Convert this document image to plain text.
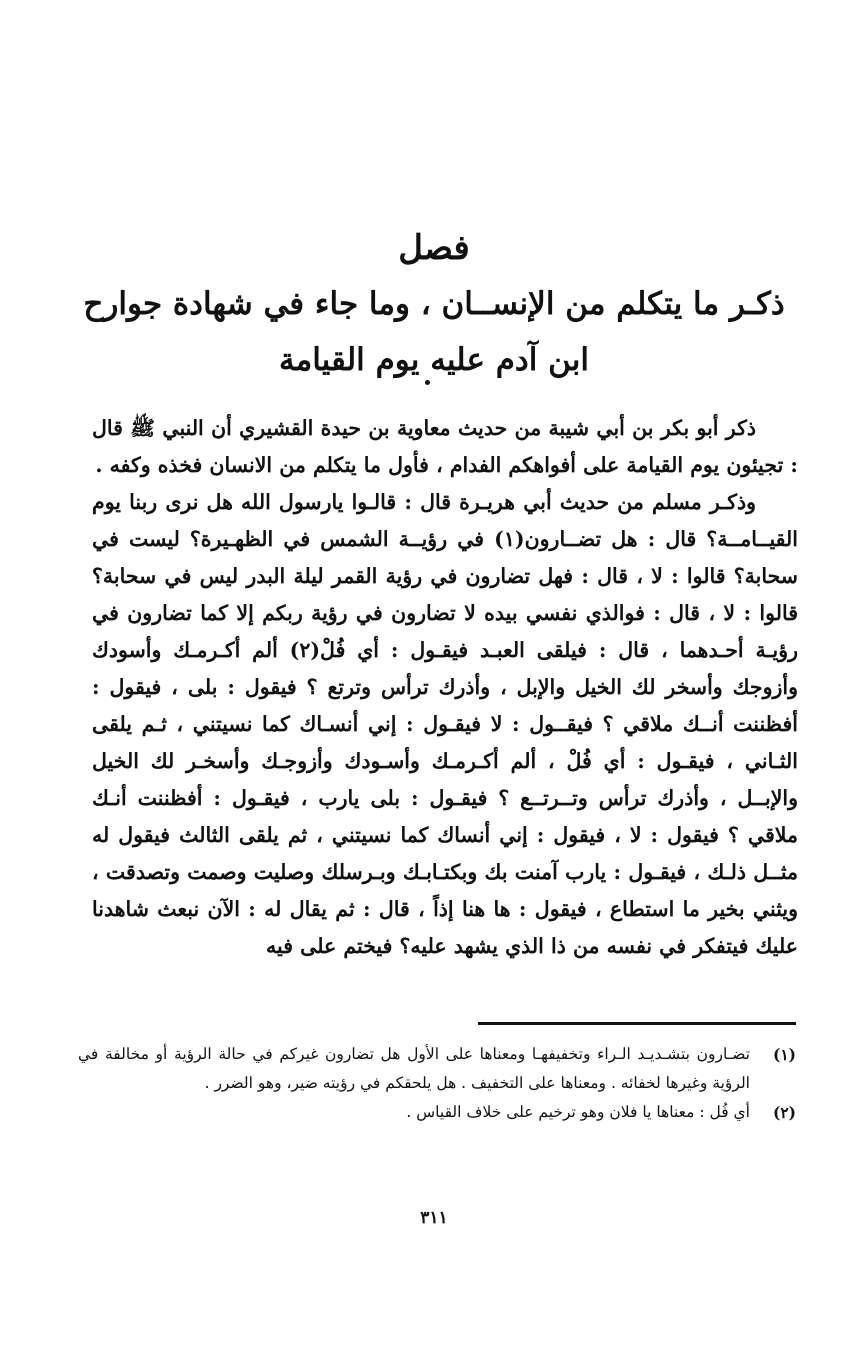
فصل
ذكـر ما يتكلم من الإنســان ، وما جاء في شهادة جوارح ابن آدم عليه يوم القيامة

ذكر أبو بكر بن أبي شيبة من حديث معاوية بن حيدة القشيري أن النبي ﷺ قال : تجيئون يوم القيامة على أفواهكم الفدام ، فأول ما يتكلم من الانسان فخذه وكفه .

وذكـر مسلم من حديث أبي هريـرة قال : قالـوا يارسول الله هل نرى ربنا يوم القيــامــة؟ قال : هل تضــارون(١) في رؤيــة الشمس في الظهـيرة؟ ليست في سحابة؟ قالوا : لا ، قال : فهل تضارون في رؤية القمر ليلة البدر ليس في سحابة؟ قالوا : لا ، قال : فوالذي نفسي بيده لا تضارون في رؤية ربكم إلا كما تضارون في رؤيـة أحـدهما ، قال : فيلقى العبـد فيقـول : أي فُلْ(٢) ألم أكـرمـك وأسودك وأزوجك وأسخر لك الخيل والإبل ، وأذرك ترأس وترتع ؟ فيقول : بلى ، فيقول : أفظننت أنــك ملاقي ؟ فيقــول : لا فيقـول : إني أنسـاك كما نسيتني ، ثـم يلقى الثـاني ، فيقـول : أي فُلْ ، ألم أكـرمـك وأسـودك وأزوجـك وأسخـر لك الخيل والإبــل ، وأذرك ترأس وتــرتــع ؟ فيقـول : بلى يارب ، فيقـول : أفظننت أنـك ملاقي ؟ فيقول : لا ، فيقول : إني أنساك كما نسيتني ، ثم يلقى الثالث فيقول له مثــل ذلـك ، فيقـول : يارب آمنت بك وبكتـابـك وبـرسلك وصليت وصمت وتصدقت ، ويثني بخير ما استطاع ، فيقول : ها هنا إذاً ، قال : ثم يقال له : الآن نبعث شاهدنا عليك فيتفكر في نفسه من ذا الذي يشهد عليه؟ فيختم على فيه

(١)
تضـارون بتشـديـد الـراء وتخفيفهـا ومعناها على الأول هل تضارون غيركم في حالة الرؤية أو مخالفة في الرؤية وغيرها لخفائه . ومعناها على التخفيف . هل يلحقكم في رؤيته ضير، وهو الضرر .
(٢)
أي فُل : معناها يا فلان وهو ترخيم على خلاف القياس .
٣١١
